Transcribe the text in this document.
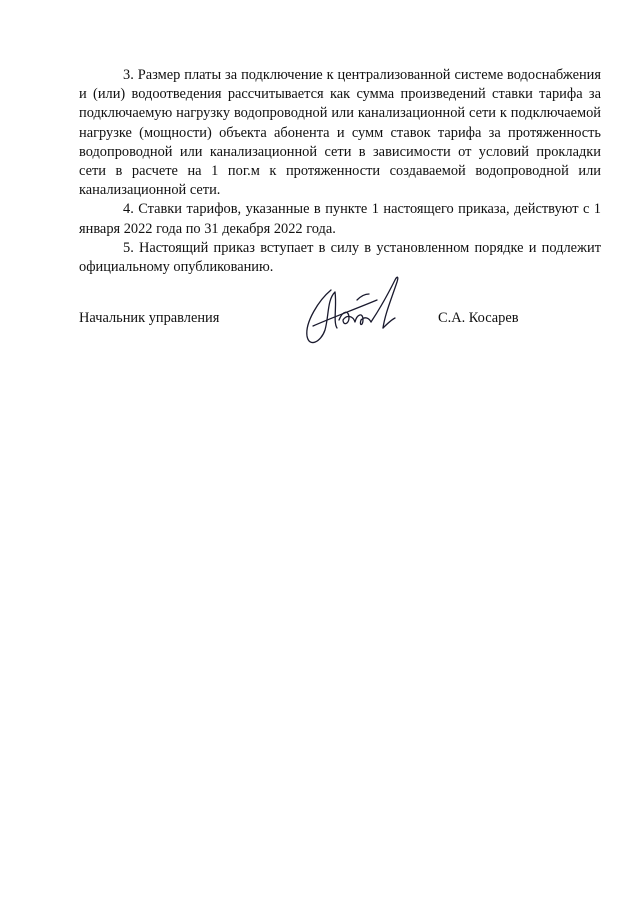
3. Размер платы за подключение к централизованной системе водоснабжения и (или) водоотведения рассчитывается как сумма произведений ставки тарифа за подключаемую нагрузку водопроводной или канализационной сети к подключаемой нагрузке (мощности) объекта абонента и сумм ставок тарифа за протяженность водопроводной или канализационной сети в зависимости от условий прокладки сети в расчете на 1 пог.м к протяженности создаваемой водопроводной или канализационной сети.

4. Ставки тарифов, указанные в пункте 1 настоящего приказа, действуют с 1 января 2022 года по 31 декабря 2022 года.

5. Настоящий приказ вступает в силу в установленном порядке и подлежит официальному опубликованию.

Начальник управления	С.А. Косарев
